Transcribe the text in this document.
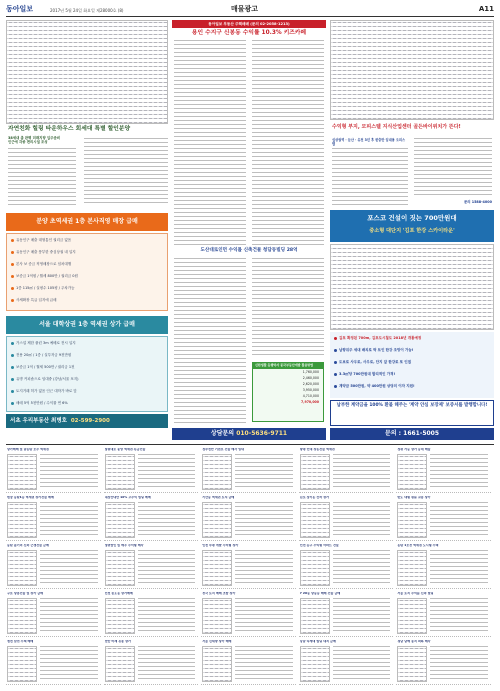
동아일보	2017년 5월 24일 화요일 제28000호 (8)	매물광고	A11
자연친화 힐링 타운하우스 회세대 특별 할인분양
38세대 총 완벽 미래지향 입주준비
인근에 각종 편의시설 조성
분양 초역세권 1층 본사직영 매장 급매
유동인구 매출 대형통인 권리금 없음
유동인구 매출 풍부한 중심상권 내 입지
본사 보 증금 직영매장으로 임차대행
보증금 1억원 / 월세 800만 / 권리금 0원
1층 115㎡ / 실평수 105평 / 주차가능
사세확장 특급 입지에 급매
서울 대학상권 1층 역세권 상가 급매
가스업 제한 풀린 3m 예배로 전시 입지
전용 20㎡ / 1층 / 실투자금 9천만원
보증금 1억 / 월세 500만 / 권리금 1천
유명 커피숍으로 임대중 (강남/서울 포지)
토지거래 허가 없음 인근 대학가 바로 앞
매매 5억 5천만원 / 수익률 연 6%
서초 우리부동산 최병호 02-599-2900
동아일보 부동산 주택매매 (문의 02-2058-1213)
용인 수지구 신봉동 수익률 10.3% 키즈카페
도산대로인먼 수익률 신축건물 청담동빌딩 28억
신한생활 동행약사 중국부동산개발 활용방법
1,760,000
2,460,000
2,620,000
3,950,000
4,710,000
7,970,000
상담문의 010-5636-9711
수익형 부지, 모피스텔 지식산업센터 골든바이위치가 뜬다!
실상권역 · 둔산 · 유천 3년 후 한층만 임대용 오피스텔
문의 1588-4000
포스코 건설이 짓는 700만원대
중소형 대단지 '김포 한강 스카이타운'
김포 확정된 700m, 김포도시철도 2018년 개통예정
남향위주 세대 배치로 탁 트인 한강 조망이 가능!
도보로 사우로, 사우로, 단지 앞 한강로 또 인접
3.3㎡당 700만원대 합리적인 가격!
계약금 500만원, 약 400만원 상당의 이자 지원!
납부한 계약금을 100% 환불 해주는 '계약 안심 보장제' 보증서를 발행합니다!
문의 : 1661-5005
상가매매 및 남동탄 호수 역세권
현장 동탄1동 역세권 상가건물 매매
동탄 불기리 신축 근생건물 급매
구로 상봉건물 및 상가 급매
청천 삼전 주택 매매
창원대로 중앙 역세권 특급건물
내장산내안 10% 고수익 빌딩 매매
정면법인 및 매우 수익형 매각
인천 송도동 상가매매
천안 미래 유통 상가
정부천안 기념로 건물 매각 임대
기산동 역세권 토지 급매
인천 부평 개발 수익형 상가
전국 토지 매매 조합 상가
서울 신대방 상가 매매
양평 인대 상동건물 역세권
김포 장기동 산자 상가
인천 동구 수익형 아파트 건물
7 20동 상동동 매매 건물 급매
강남 다세대 빌딩 대지 급매
정평 가능 상가 동네 매물
반도 대형 원룸 교통 상가
동탄 1호선 역세권 도시형 주택
서울 토지 수익률 신축 빌딩
경남 남해 농지 최하 매각
